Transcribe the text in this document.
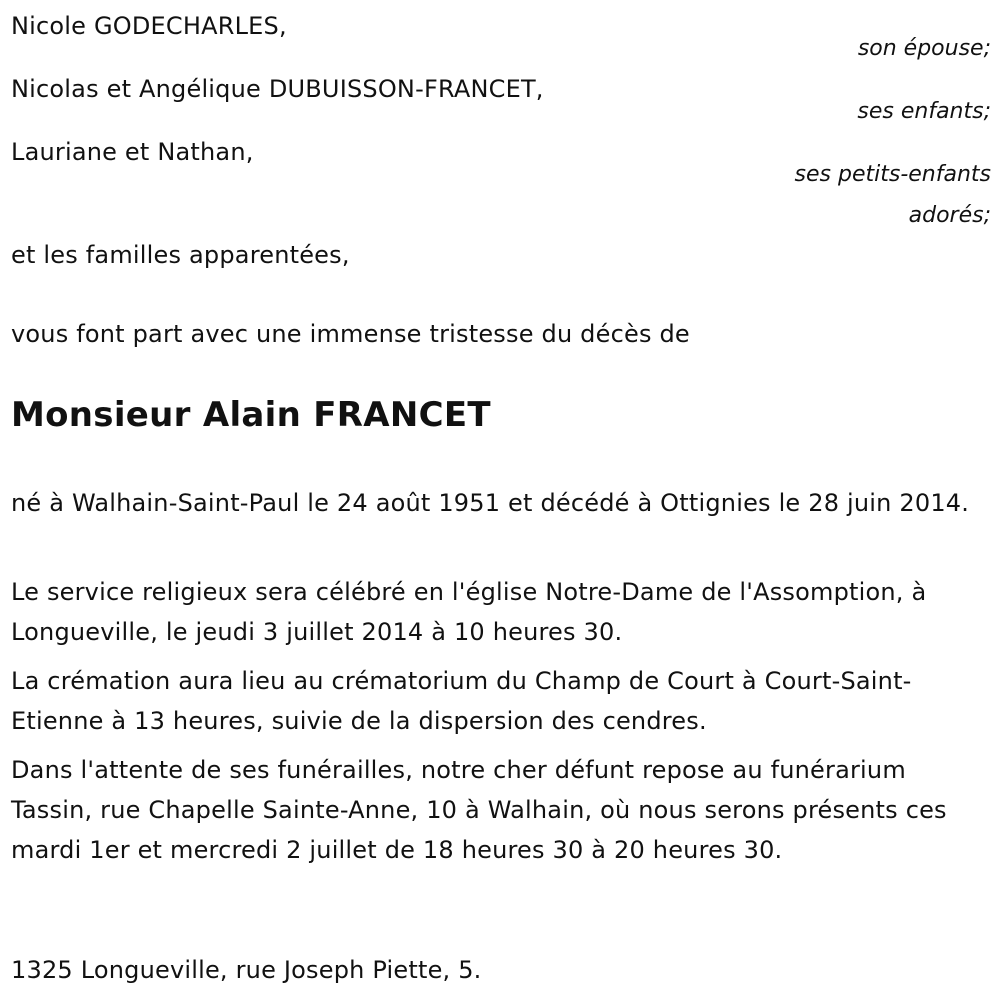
Nicole GODECHARLES,
son épouse;
Nicolas et Angélique DUBUISSON-FRANCET,
ses enfants;
Lauriane et Nathan,
ses petits-enfants
adorés;
et les familles apparentées,
vous font part avec une immense tristesse du décès de
Monsieur Alain FRANCET
né à Walhain-Saint-Paul le 24 août 1951 et décédé à Ottignies le 28 juin 2014.
Le service religieux sera célébré en l'église Notre-Dame de l'Assomption, à Longueville, le jeudi 3 juillet 2014 à 10 heures 30.
La crémation aura lieu au crématorium du Champ de Court à Court-Saint-Etienne à 13 heures, suivie de la dispersion des cendres.
Dans l'attente de ses funérailles, notre cher défunt repose au funérarium Tassin, rue Chapelle Sainte-Anne, 10 à Walhain, où nous serons présents ces mardi 1er et mercredi 2 juillet de 18 heures 30 à 20 heures 30.
1325 Longueville, rue Joseph Piette, 5.
